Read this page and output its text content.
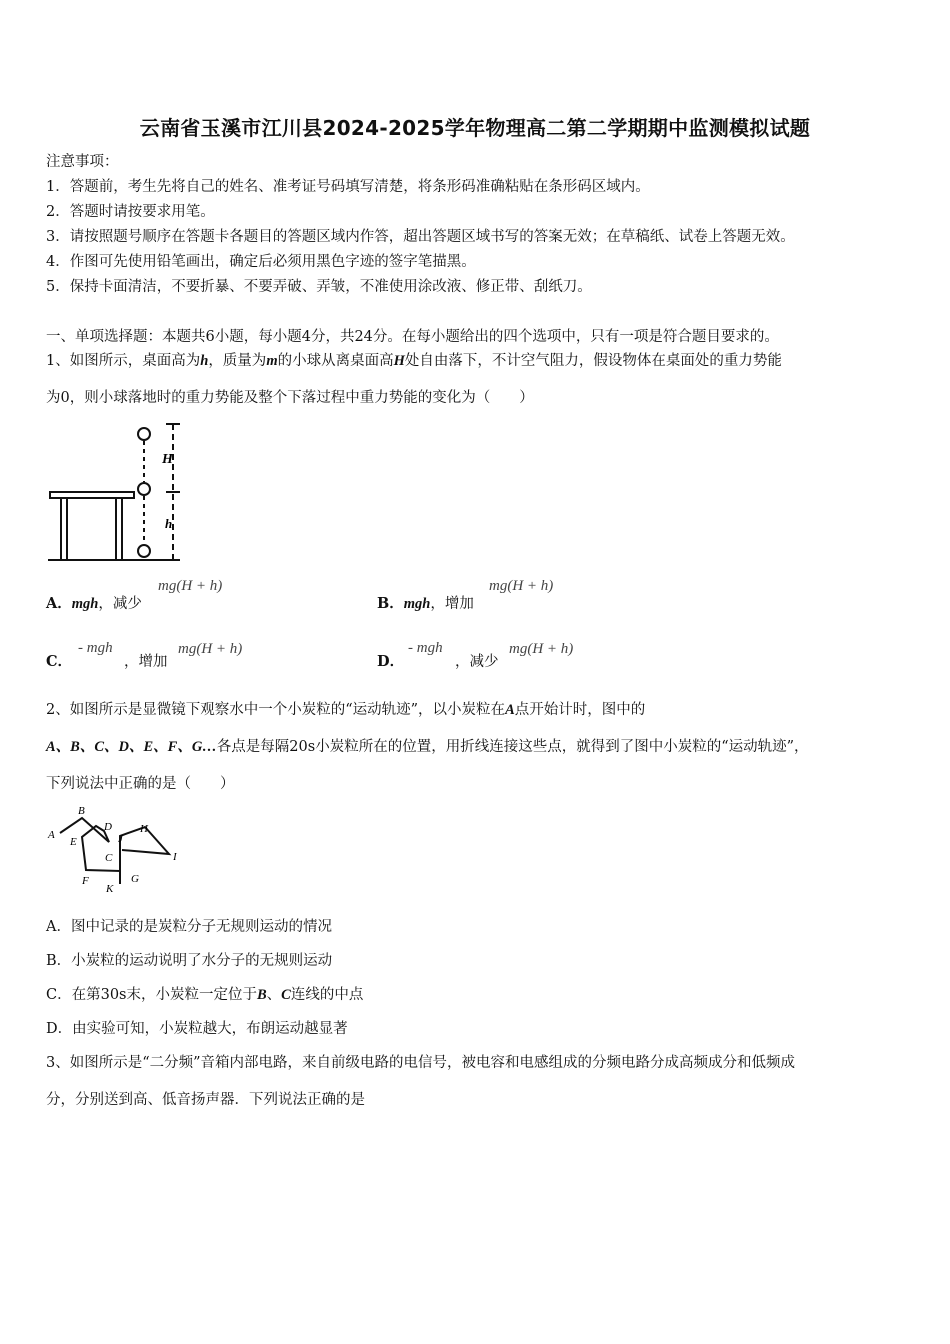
云南省玉溪市江川县2024-2025学年物理高二第二学期期中监测模拟试题
注意事项：
1．答题前，考生先将自己的姓名、准考证号码填写清楚，将条形码准确粘贴在条形码区域内。
2．答题时请按要求用笔。
3．请按照题号顺序在答题卡各题目的答题区域内作答，超出答题区域书写的答案无效；在草稿纸、试卷上答题无效。
4．作图可先使用铅笔画出，确定后必须用黑色字迹的签字笔描黑。
5．保持卡面清洁，不要折暴、不要弄破、弄皱，不准使用涂改液、修正带、刮纸刀。
一、单项选择题：本题共6小题，每小题4分，共24分。在每小题给出的四个选项中，只有一项是符合题目要求的。
1、如图所示，桌面高为h，质量为m的小球从离桌面高H处自由落下，不计空气阻力，假设物体在桌面处的重力势能
为0，则小球落地时的重力势能及整个下落过程中重力势能的变化为（　　）
H
h
A．mgh，减少
mg(H + h)
B．mgh，增加
mg(H + h)
C．
- mgh
，增加
mg(H + h)
D．
- mgh
，减少
mg(H + h)
2、如图所示是显微镜下观察水中一个小炭粒的“运动轨迹”，以小炭粒在A点开始计时，图中的
A、B、C、D、E、F、G…各点是每隔20s小炭粒所在的位置，用折线连接这些点，就得到了图中小炭粒的“运动轨迹”，
下列说法中正确的是（　　）
A
B
C
D
E
F	G
H
I
J
K
A．图中记录的是炭粒分子无规则运动的情况
B．小炭粒的运动说明了水分子的无规则运动
C．在第30s末，小炭粒一定位于B、C连线的中点
D．由实验可知，小炭粒越大，布朗运动越显著
3、如图所示是“二分频”音箱内部电路，来自前级电路的电信号，被电容和电感组成的分频电路分成高频成分和低频成
分，分别送到高、低音扬声器．下列说法正确的是
